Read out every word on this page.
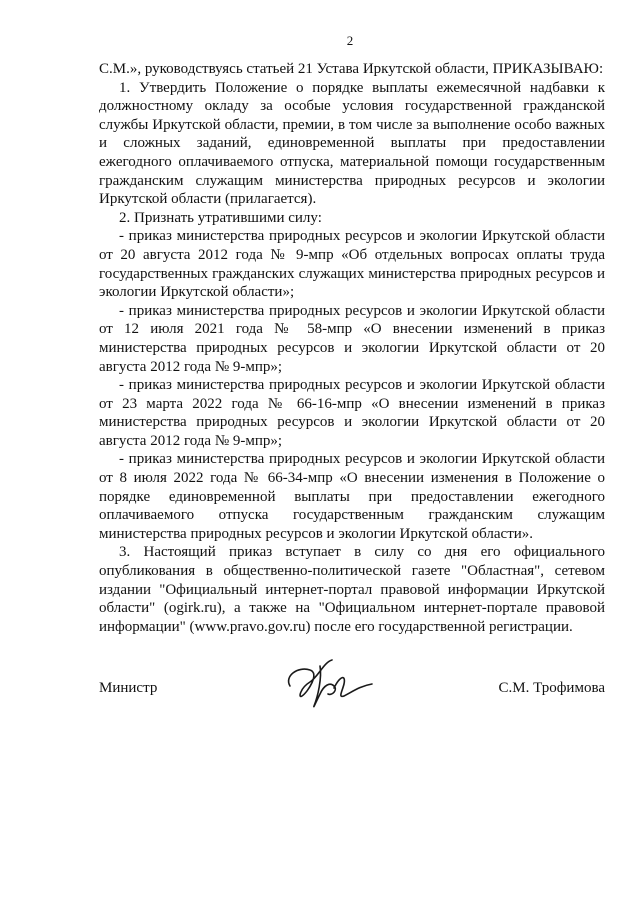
2

С.М.», руководствуясь статьей 21 Устава Иркутской области, ПРИКАЗЫВАЮ:

1. Утвердить Положение о порядке выплаты ежемесячной надбавки к должностному окладу за особые условия государственной гражданской службы Иркутской области, премии, в том числе за выполнение особо важных и сложных заданий, единовременной выплаты при предоставлении ежегодного оплачиваемого отпуска, материальной помощи государственным гражданским служащим министерства природных ресурсов и экологии Иркутской области (прилагается).

2. Признать утратившими силу:

- приказ министерства природных ресурсов и экологии Иркутской области от 20 августа 2012 года № 9-мпр «Об отдельных вопросах оплаты труда государственных гражданских служащих министерства природных ресурсов и экологии Иркутской области»;

- приказ министерства природных ресурсов и экологии Иркутской области от 12 июля 2021 года № 58-мпр «О внесении изменений в приказ министерства природных ресурсов и экологии Иркутской области от 20 августа 2012 года № 9-мпр»;

- приказ министерства природных ресурсов и экологии Иркутской области от 23 марта 2022 года № 66-16-мпр «О внесении изменений в приказ министерства природных ресурсов и экологии Иркутской области от 20 августа 2012 года № 9-мпр»;

- приказ министерства природных ресурсов и экологии Иркутской области от 8 июля 2022 года № 66-34-мпр «О внесении изменения в Положение о порядке единовременной выплаты при предоставлении ежегодного оплачиваемого отпуска государственным гражданским служащим министерства природных ресурсов и экологии Иркутской области».

3. Настоящий приказ вступает в силу со дня его официального опубликования в общественно-политической газете "Областная", сетевом издании "Официальный интернет-портал правовой информации Иркутской области" (ogirk.ru), а также на "Официальном интернет-портале правовой информации" (www.pravo.gov.ru) после его государственной регистрации.

Министр	С.М. Трофимова
